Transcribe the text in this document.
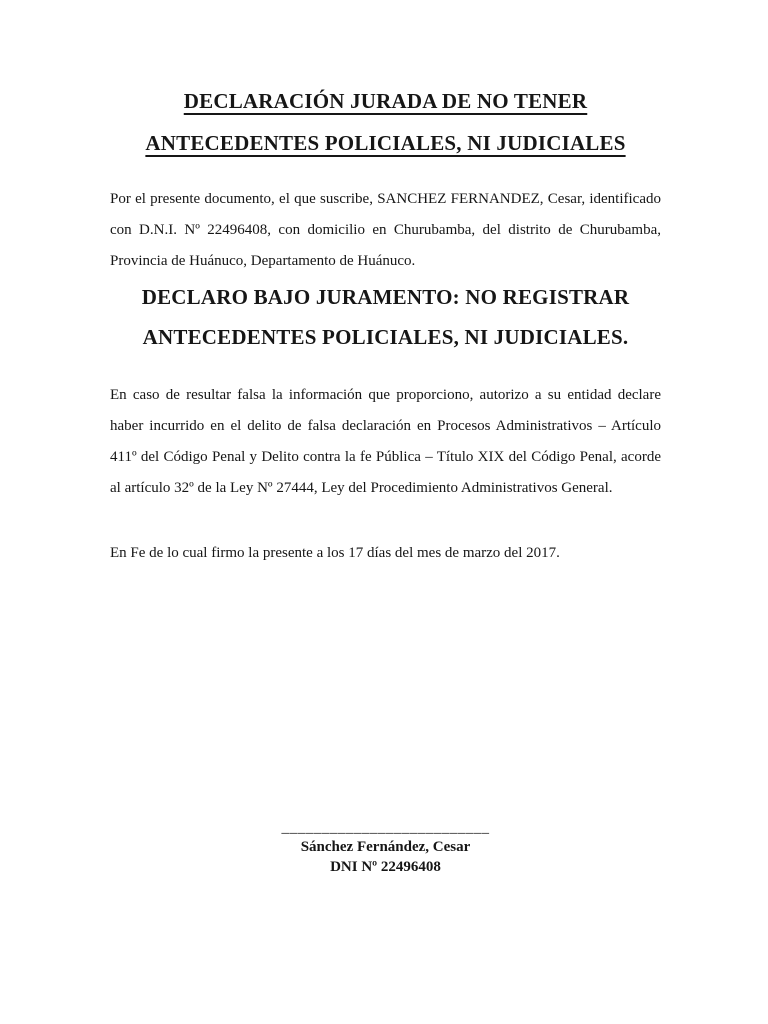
DECLARACIÓN JURADA DE NO TENER
ANTECEDENTES POLICIALES, NI JUDICIALES

Por el presente documento, el que suscribe, SANCHEZ FERNANDEZ, Cesar, identificado con D.N.I. Nº 22496408, con domicilio en Churubamba, del distrito de Churubamba, Provincia de Huánuco, Departamento de Huánuco.

DECLARO BAJO JURAMENTO: NO REGISTRAR
ANTECEDENTES POLICIALES, NI JUDICIALES.

En caso de resultar falsa la información que proporciono, autorizo a su entidad declare haber incurrido en el delito de falsa declaración en Procesos Administrativos – Artículo 411º del Código Penal y Delito contra la fe Pública – Título XIX del Código Penal, acorde al artículo 32º de la Ley Nº 27444, Ley del Procedimiento Administrativos General.

En Fe de lo cual firmo la presente a los 17 días del mes de marzo del 2017.

__________________________
Sánchez Fernández, Cesar
DNI Nº 22496408
